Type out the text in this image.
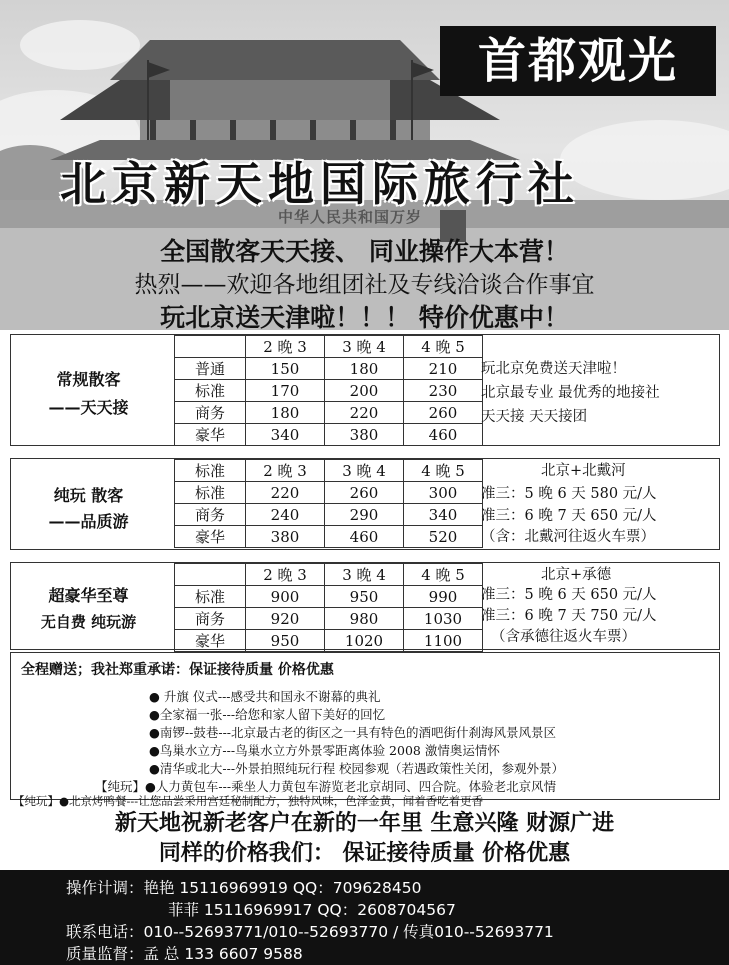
中华人民共和国万岁
首都观光
北京新天地国际旅行社
全国散客天天接、 同业操作大本营！
热烈——欢迎各地组团社及专线洽谈合作事宜
玩北京送天津啦！！！ 特价优惠中！
常规散客
——天天接
	2 晚 3	3 晚 4	4 晚 5
普通	150	180	210
标准	170	200	230
商务	180	220	260
豪华	340	380	460
玩北京免费送天津啦！
北京最专业 最优秀的地接社
天天接 天天接团
纯玩 散客
——品质游
标准	2 晚 3	3 晚 4	4 晚 5
标准	220	260	300
商务	240	290	340
豪华	380	460	520
北京+北戴河
准三：5 晚 6 天 580 元/人
准三：6 晚 7 天 650 元/人
（含：北戴河往返火车票）
超豪华至尊
无自费 纯玩游
	2 晚 3	3 晚 4	4 晚 5
标准	900	950	990
商务	920	980	1030
豪华	950	1020	1100
北京+承德
准三：5 晚 6 天 650 元/人
准三：6 晚 7 天 750 元/人
（含承德往返火车票）
全程赠送；我社郑重承诺：保证接待质量 价格优惠
● 升旗 仪式---感受共和国永不谢幕的典礼
●全家福一张---给您和家人留下美好的回忆
●南锣--鼓巷---北京最古老的街区之一具有特色的酒吧街什刹海风景风景区
●鸟巢水立方---鸟巢水立方外景零距离体验 2008 激情奥运情怀
●清华或北大---外景拍照纯玩行程 校园参观（若遇政策性关闭，参观外景）
【纯玩】●人力黄包车---乘坐人力黄包车游览老北京胡同、四合院。体验老北京风情
【纯玩】●北京烤鸭餐---让您品尝采用宫廷秘制配方，独特风味，色泽金黄，闻着香吃着更香
新天地祝新老客户在新的一年里 生意兴隆 财源广进
同样的价格我们： 保证接待质量 价格优惠
操作计调：艳艳 15116969919 QQ：709628450
菲菲 15116969917 QQ：2608704567
联系电话：010--52693771/010--52693770 / 传真010--52693771
质量监督：孟 总 133 6607 9588
